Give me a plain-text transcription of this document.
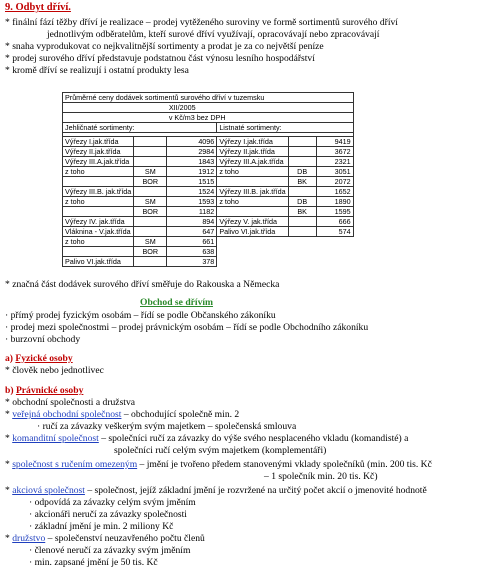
9. Odbyt dříví.
* finální fází těžby dříví je realizace – prodej vytěženého suroviny ve formě sortimentů surového dříví
jednotlivým odběratelům, kteří surové dříví využívají, opracovávají nebo zpracovávají
* snaha vyprodukovat co nejkvalitnější sortimenty a prodat je za co největší peníze
* prodej surového dříví představuje podstatnou část výnosu lesního hospodářství
* kromě dříví se realizují i ostatní produkty lesa
Průměrné ceny dodávek sortimentů surového dříví v tuzemsku					
		XII/2005			
		v Kč/m3 bez DPH			
Jehličnaté sortimenty:			Listnaté sortimenty:		

Výřezy I.jak.třída		4096	Výřezy I.jak.třída		9419
Výřezy II.jak.třída		2984	Výřezy II.jak.třída		3672
Výřezy III.A.jak.třída		1843	Výřezy III.A.jak.třída		2321
z toho	SM	1912	z toho	DB	3051
	BOR	1515		BK	2072
Výřezy III.B. jak.třída		1524	Výřezy III.B. jak.třída		1652
z toho	SM	1593	z toho	DB	1890
	BOR	1182		BK	1595
Výřezy IV. jak.třída		894	Výřezy V. jak.třída		666
Vláknina - V.jak.třída		647	Palivo VI.jak.třída		574
z toho	SM	661			
	BOR	638			
Palivo VI.jak.třída		378			
* značná část dodávek surového dříví směřuje do Rakouska a Německa
Obchod se dřívím
· přímý prodej fyzickým osobám – řídí se podle Občanského zákoníku
· prodej mezi společnostmi – prodej právnickým osobám – řídí se podle Obchodního zákoníku
· burzovní obchody
a) Fyzické osoby
* člověk nebo jednotlivec
b) Právnické osoby
* obchodní společnosti a družstva
* veřejná obchodní společnost – obchodující společně min. 2
· ručí za závazky veškerým svým majetkem – společenská smlouva
* komanditní společnost – společníci ručí za závazky do výše svého nesplaceného vkladu (komandisté) a
společníci ručí celým svým majetkem (komplementáři)
* společnost s ručením omezeným – jmění je tvořeno předem stanovenými vklady společníků (min. 200 tis. Kč
– 1 společník min. 20 tis. Kč)
* akciová společnost – společnost, jejíž základní jmění je rozvržené na určitý počet akcií o jmenovité hodnotě
· odpovídá za závazky celým svým jměním
· akcionáři neručí za závazky společnosti
· základní jmění je min. 2 miliony Kč
* družstvo – společenství neuzavřeného počtu členů
· členové neručí za závazky svým jměním
· min. zapsané jmění je 50 tis. Kč
